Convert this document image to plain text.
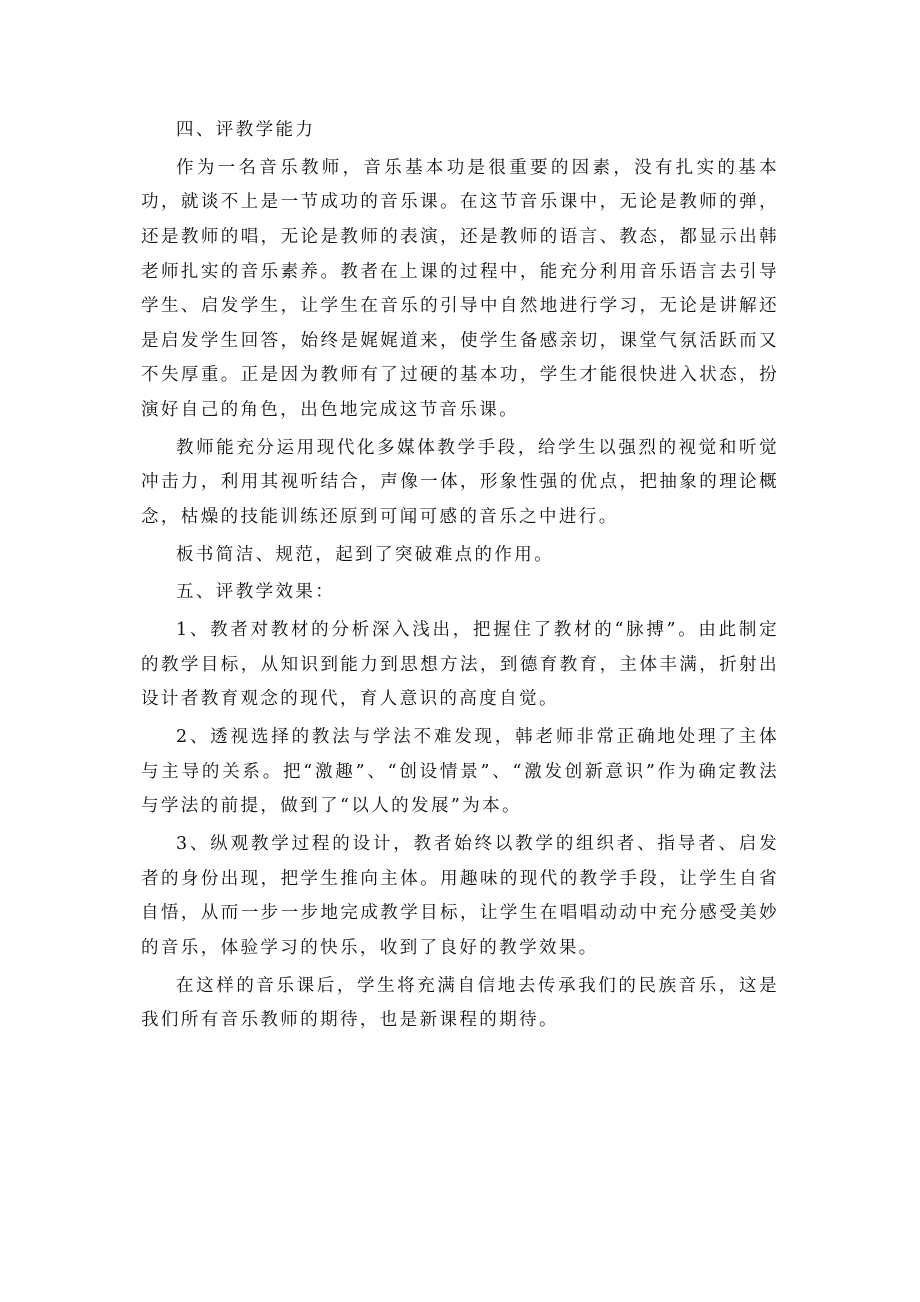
四、评教学能力

作为一名音乐教师，音乐基本功是很重要的因素，没有扎实的基本功，就谈不上是一节成功的音乐课。在这节音乐课中，无论是教师的弹，还是教师的唱，无论是教师的表演，还是教师的语言、教态，都显示出韩老师扎实的音乐素养。教者在上课的过程中，能充分利用音乐语言去引导学生、启发学生，让学生在音乐的引导中自然地进行学习，无论是讲解还是启发学生回答，始终是娓娓道来，使学生备感亲切，课堂气氛活跃而又不失厚重。正是因为教师有了过硬的基本功，学生才能很快进入状态，扮演好自己的角色，出色地完成这节音乐课。

教师能充分运用现代化多媒体教学手段，给学生以强烈的视觉和听觉冲击力，利用其视听结合，声像一体，形象性强的优点，把抽象的理论概念，枯燥的技能训练还原到可闻可感的音乐之中进行。

板书简洁、规范，起到了突破难点的作用。

五、评教学效果：

1、教者对教材的分析深入浅出，把握住了教材的“脉搏”。由此制定的教学目标，从知识到能力到思想方法，到德育教育，主体丰满，折射出设计者教育观念的现代，育人意识的高度自觉。

2、透视选择的教法与学法不难发现，韩老师非常正确地处理了主体与主导的关系。把“激趣”、“创设情景”、“激发创新意识”作为确定教法与学法的前提，做到了“以人的发展”为本。

3、纵观教学过程的设计，教者始终以教学的组织者、指导者、启发者的身份出现，把学生推向主体。用趣味的现代的教学手段，让学生自省自悟，从而一步一步地完成教学目标，让学生在唱唱动动中充分感受美妙的音乐，体验学习的快乐，收到了良好的教学效果。

在这样的音乐课后，学生将充满自信地去传承我们的民族音乐，这是我们所有音乐教师的期待，也是新课程的期待。
